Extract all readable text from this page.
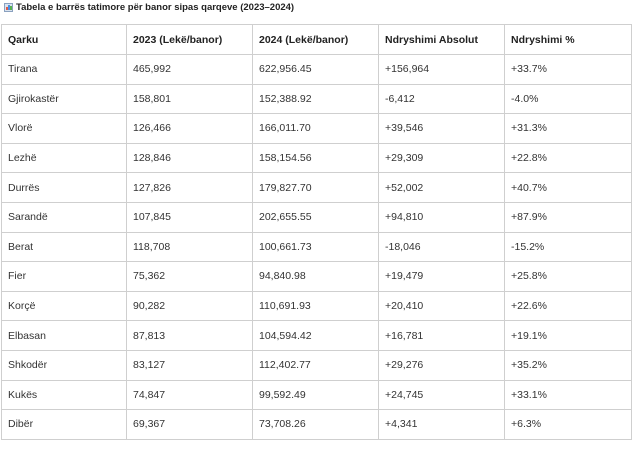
Tabela e barrës tatimore për banor sipas qarqeve (2023–2024)
Qarku	2023 (Lekë/banor)	2024 (Lekë/banor)	Ndryshimi Absolut	Ndryshimi %
Tirana	465,992	622,956.45	+156,964	+33.7%
Gjirokastër	158,801	152,388.92	-6,412	-4.0%
Vlorë	126,466	166,011.70	+39,546	+31.3%
Lezhë	128,846	158,154.56	+29,309	+22.8%
Durrës	127,826	179,827.70	+52,002	+40.7%
Sarandë	107,845	202,655.55	+94,810	+87.9%
Berat	118,708	100,661.73	-18,046	-15.2%
Fier	75,362	94,840.98	+19,479	+25.8%
Korçë	90,282	110,691.93	+20,410	+22.6%
Elbasan	87,813	104,594.42	+16,781	+19.1%
Shkodër	83,127	112,402.77	+29,276	+35.2%
Kukës	74,847	99,592.49	+24,745	+33.1%
Dibër	69,367	73,708.26	+4,341	+6.3%
